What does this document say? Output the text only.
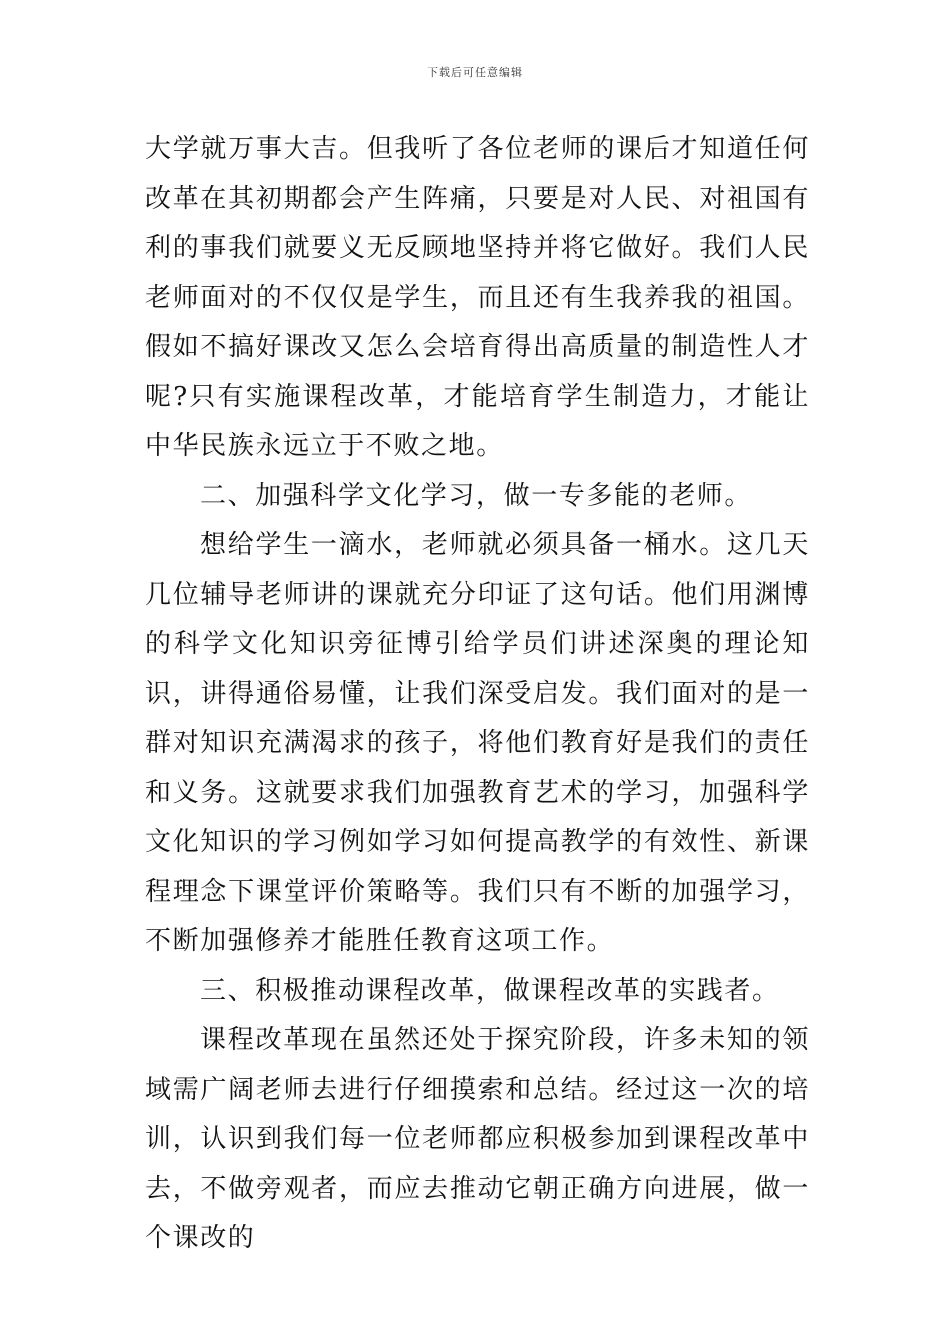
下载后可任意编辑

大学就万事大吉。但我听了各位老师的课后才知道任何改革在其初期都会产生阵痛，只要是对人民、对祖国有利的事我们就要义无反顾地坚持并将它做好。我们人民老师面对的不仅仅是学生，而且还有生我养我的祖国。假如不搞好课改又怎么会培育得出高质量的制造性人才呢?只有实施课程改革，才能培育学生制造力，才能让中华民族永远立于不败之地。

二、加强科学文化学习，做一专多能的老师。

想给学生一滴水，老师就必须具备一桶水。这几天几位辅导老师讲的课就充分印证了这句话。他们用渊博的科学文化知识旁征博引给学员们讲述深奥的理论知识，讲得通俗易懂，让我们深受启发。我们面对的是一群对知识充满渴求的孩子，将他们教育好是我们的责任和义务。这就要求我们加强教育艺术的学习，加强科学文化知识的学习例如学习如何提高教学的有效性、新课程理念下课堂评价策略等。我们只有不断的加强学习，不断加强修养才能胜任教育这项工作。

三、积极推动课程改革，做课程改革的实践者。

课程改革现在虽然还处于探究阶段，许多未知的领域需广阔老师去进行仔细摸索和总结。经过这一次的培训，认识到我们每一位老师都应积极参加到课程改革中去，不做旁观者，而应去推动它朝正确方向进展，做一个课改的
